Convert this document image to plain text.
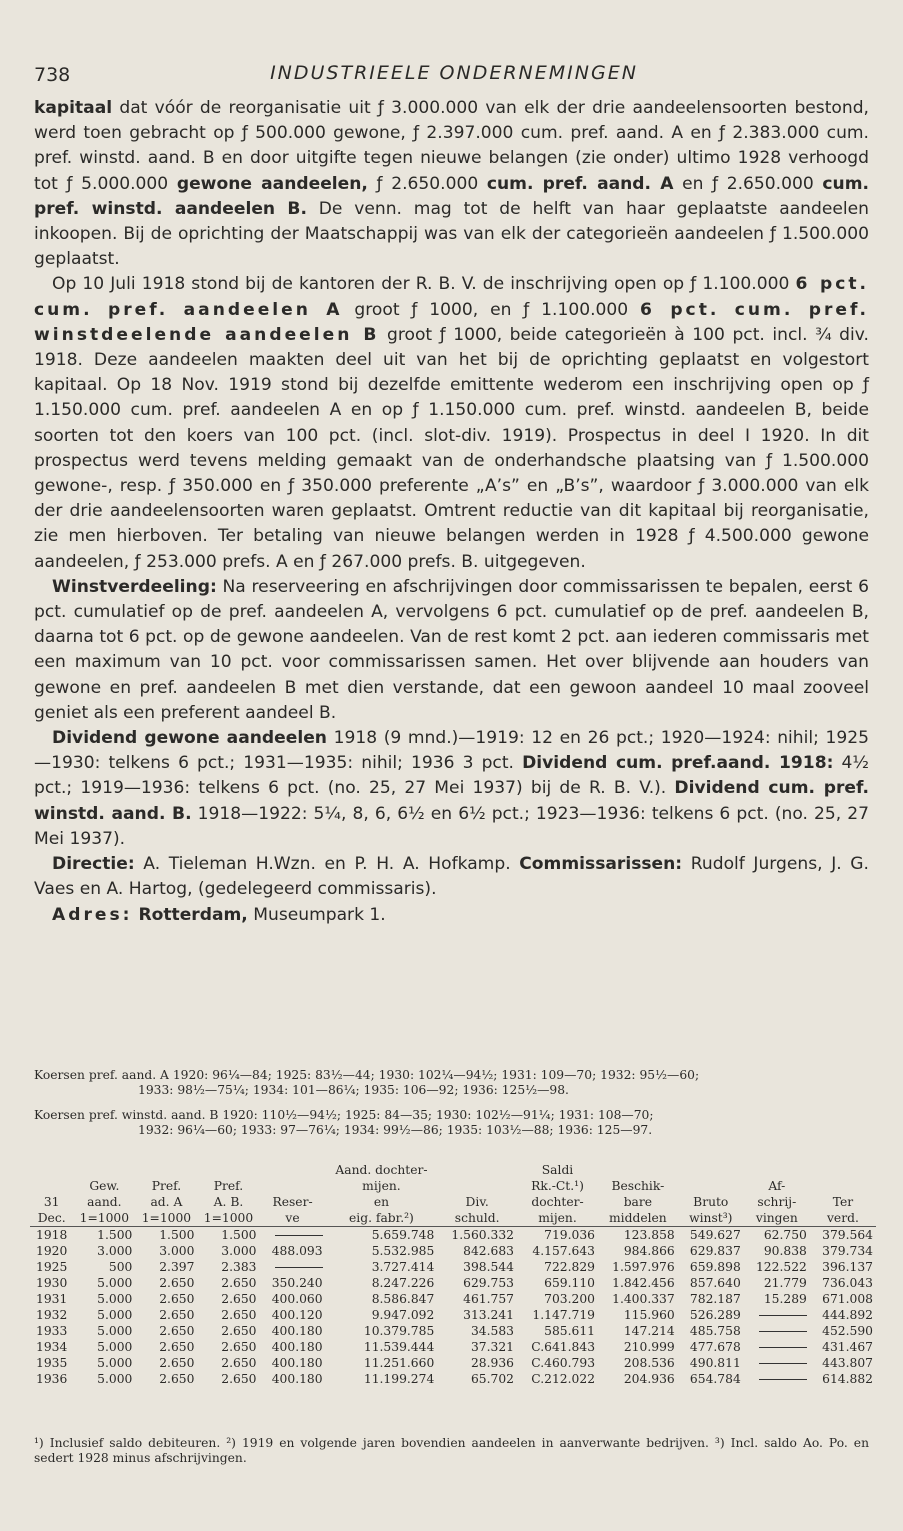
738	INDUSTRIEELE ONDERNEMINGEN

kapitaal dat vóór de reorganisatie uit ƒ 3.000.000 van elk der drie aandeelensoorten bestond, werd toen gebracht op ƒ 500.000 gewone, ƒ 2.397.000 cum. pref. aand. A en ƒ 2.383.000 cum. pref. winstd. aand. B en door uitgifte tegen nieuwe belangen (zie onder) ultimo 1928 verhoogd tot ƒ 5.000.000 gewone aandeelen, ƒ 2.650.000 cum. pref. aand. A en ƒ 2.650.000 cum. pref. winstd. aandeelen B. De venn. mag tot de helft van haar geplaatste aandeelen inkoopen. Bij de oprichting der Maatschappij was van elk der categorieën aandeelen ƒ 1.500.000 geplaatst.

Op 10 Juli 1918 stond bij de kantoren der R. B. V. de inschrijving open op ƒ 1.100.000 6 pct. cum. pref. aandeelen A groot ƒ 1000, en ƒ 1.100.000 6 pct. cum. pref. winstdeelende aandeelen B groot ƒ 1000, beide categorieën à 100 pct. incl. ¾ div. 1918. Deze aandeelen maakten deel uit van het bij de oprichting geplaatst en volgestort kapitaal. Op 18 Nov. 1919 stond bij dezelfde emittente wederom een inschrijving open op ƒ 1.150.000 cum. pref. aandeelen A en op ƒ 1.150.000 cum. pref. winstd. aandeelen B, beide soorten tot den koers van 100 pct. (incl. slot-div. 1919). Prospectus in deel I 1920. In dit prospectus werd tevens melding gemaakt van de onderhandsche plaatsing van ƒ 1.500.000 gewone-, resp. ƒ 350.000 en ƒ 350.000 preferente „A’s” en „B’s”, waardoor ƒ 3.000.000 van elk der drie aandeelensoorten waren geplaatst. Omtrent reductie van dit kapitaal bij reorganisatie, zie men hierboven. Ter betaling van nieuwe belangen werden in 1928 ƒ 4.500.000 gewone aandeelen, ƒ 253.000 prefs. A en ƒ 267.000 prefs. B. uitgegeven.

Winstverdeeling: Na reserveering en afschrijvingen door commissarissen te bepalen, eerst 6 pct. cumulatief op de pref. aandeelen A, vervolgens 6 pct. cumulatief op de pref. aandeelen B, daarna tot 6 pct. op de gewone aandeelen. Van de rest komt 2 pct. aan iederen commissaris met een maximum van 10 pct. voor commissarissen samen. Het over blijvende aan houders van gewone en pref. aandeelen B met dien verstande, dat een gewoon aandeel 10 maal zooveel geniet als een preferent aandeel B.

Dividend gewone aandeelen 1918 (9 mnd.)—1919: 12 en 26 pct.; 1920—1924: nihil; 1925—1930: telkens 6 pct.; 1931—1935: nihil; 1936 3 pct. Dividend cum. pref.aand. 1918: 4½ pct.; 1919—1936: telkens 6 pct. (no. 25, 27 Mei 1937) bij de R. B. V.). Dividend cum. pref. winstd. aand. B. 1918—1922: 5¼, 8, 6, 6½ en 6½ pct.; 1923—1936: telkens 6 pct. (no. 25, 27 Mei 1937).

Directie: A. Tieleman H.Wzn. en P. H. A. Hofkamp. Commissarissen: Rudolf Jurgens, J. G. Vaes en A. Hartog, (gedelegeerd commissaris).

Adres: Rotterdam, Museumpark 1.

Koersen pref. aand. A 1920: 96¼—84; 1925: 83½—44; 1930: 102¼—94½; 1931: 109—70; 1932: 95½—60;
1933: 98½—75¼; 1934: 101—86¼; 1935: 106—92; 1936: 125½—98.
Koersen pref. winstd. aand. B 1920: 110½—94½; 1925: 84—35; 1930: 102½—91¼; 1931: 108—70;
1932: 96¼—60; 1933: 97—76¼; 1934: 99½—86; 1935: 103½—88; 1936: 125—97.
					Aand. dochter-		Saldi				
	Gew.	Pref.	Pref.		mijen.		Rk.-Ct.¹)	Beschik-		Af-	
31	aand.	ad. A	A. B.	Reser-	en	Div.	dochter-	bare	Bruto	schrij-	Ter
Dec.	1=1000	1=1000	1=1000	ve	eig. fabr.²)	schuld.	mijen.	middelen	winst³)	vingen	verd.
1918	1.500	1.500	1.500		5.659.748	1.560.332	719.036	123.858	549.627	62.750	379.564
1920	3.000	3.000	3.000	488.093	5.532.985	842.683	4.157.643	984.866	629.837	90.838	379.734
1925	500	2.397	2.383		3.727.414	398.544	722.829	1.597.976	659.898	122.522	396.137
1930	5.000	2.650	2.650	350.240	8.247.226	629.753	659.110	1.842.456	857.640	21.779	736.043
1931	5.000	2.650	2.650	400.060	8.586.847	461.757	703.200	1.400.337	782.187	15.289	671.008
1932	5.000	2.650	2.650	400.120	9.947.092	313.241	1.147.719	115.960	526.289		444.892
1933	5.000	2.650	2.650	400.180	10.379.785	34.583	585.611	147.214	485.758		452.590
1934	5.000	2.650	2.650	400.180	11.539.444	37.321	C.641.843	210.999	477.678		431.467
1935	5.000	2.650	2.650	400.180	11.251.660	28.936	C.460.793	208.536	490.811		443.807
1936	5.000	2.650	2.650	400.180	11.199.274	65.702	C.212.022	204.936	654.784		614.882
¹) Inclusief saldo debiteuren. ²) 1919 en volgende jaren bovendien aandeelen in aanverwante bedrijven. ³) Incl. saldo Ao. Po. en sedert 1928 minus afschrijvingen.
